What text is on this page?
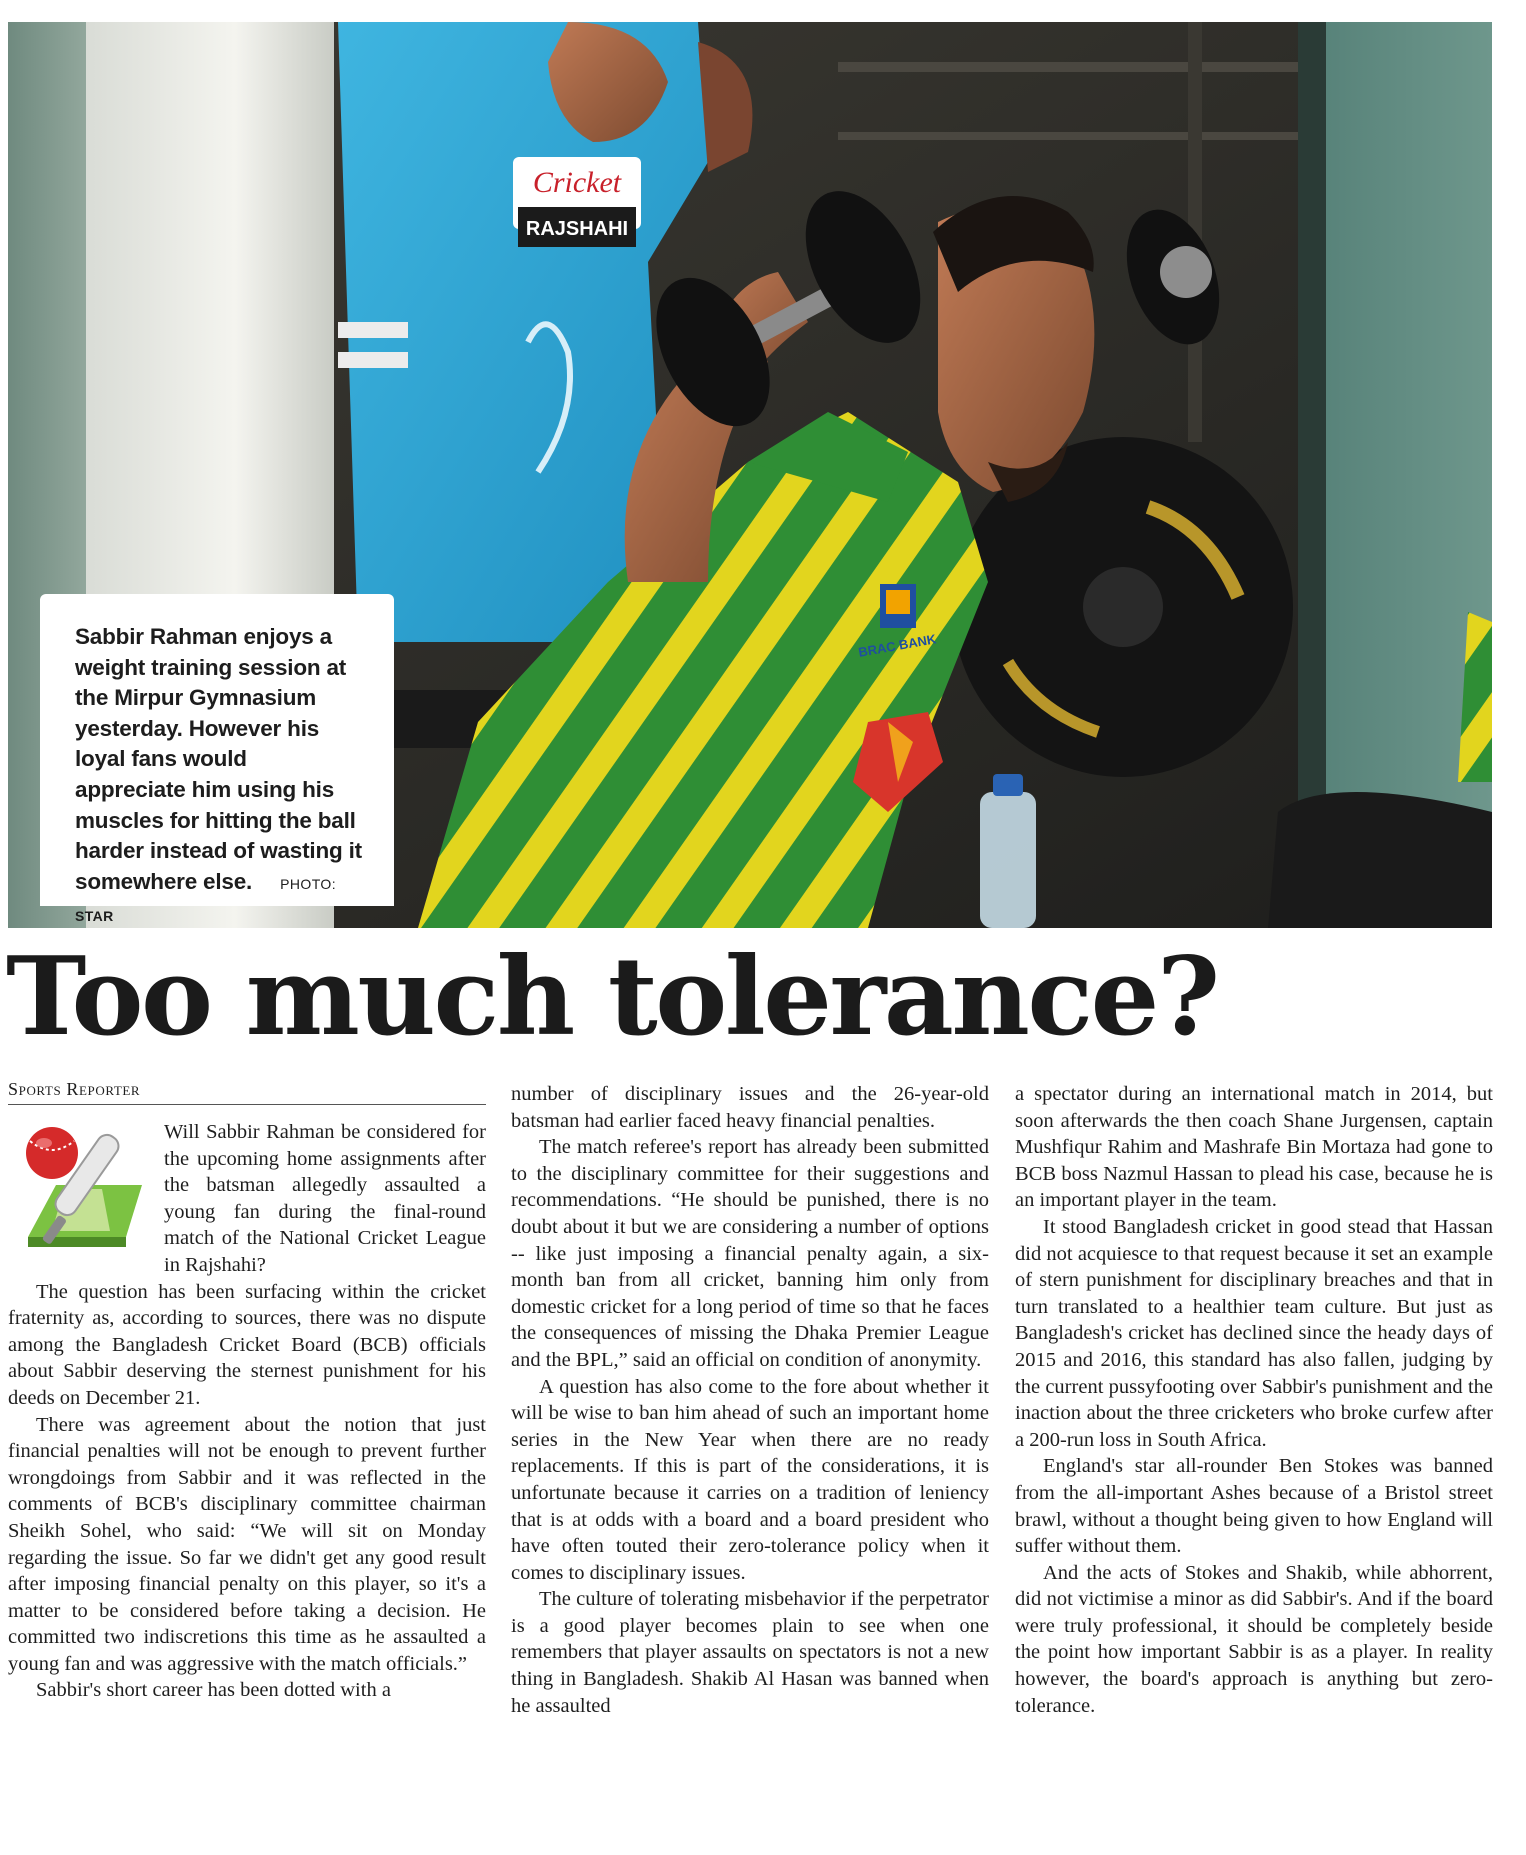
Cricket
RAJSHAHI
BRAC BANK
Sabbir Rahman enjoys a weight training session at the Mirpur Gymnasium yesterday. However his loyal fans would appreciate him using his muscles for hitting the ball harder instead of wasting it somewhere else. PHOTO: STAR
Too much tolerance?
Sports Reporter

Will Sabbir Rahman be considered for the upcoming home assignments after the batsman allegedly assaulted a young fan during the final-round match of the National Cricket League in Rajshahi?

The question has been surfacing within the cricket fraternity as, according to sources, there was no dispute among the Bangladesh Cricket Board (BCB) officials about Sabbir deserving the sternest punishment for his deeds on December 21.

There was agreement about the notion that just financial penalties will not be enough to prevent further wrongdoings from Sabbir and it was reflected in the comments of BCB's disciplinary committee chairman Sheikh Sohel, who said: “We will sit on Monday regarding the issue. So far we didn't get any good result after imposing financial penalty on this player, so it's a matter to be considered before taking a decision. He committed two indiscretions this time as he assaulted a young fan and was aggressive with the match officials.”

Sabbir's short career has been dotted with a

number of disciplinary issues and the 26-year-old batsman had earlier faced heavy financial penalties.

The match referee's report has already been submitted to the disciplinary committee for their suggestions and recommendations. “He should be punished, there is no doubt about it but we are considering a number of options -- like just imposing a financial penalty again, a six-month ban from all cricket, banning him only from domestic cricket for a long period of time so that he faces the consequences of missing the Dhaka Premier League and the BPL,” said an official on condition of anonymity.

A question has also come to the fore about whether it will be wise to ban him ahead of such an important home series in the New Year when there are no ready replacements. If this is part of the considerations, it is unfortunate because it carries on a tradition of leniency that is at odds with a board and a board president who have often touted their zero-tolerance policy when it comes to disciplinary issues.

The culture of tolerating misbehavior if the perpetrator is a good player becomes plain to see when one remembers that player assaults on spectators is not a new thing in Bangladesh. Shakib Al Hasan was banned when he assaulted

a spectator during an international match in 2014, but soon afterwards the then coach Shane Jurgensen, captain Mushfiqur Rahim and Mashrafe Bin Mortaza had gone to BCB boss Nazmul Hassan to plead his case, because he is an important player in the team.

It stood Bangladesh cricket in good stead that Hassan did not acquiesce to that request because it set an example of stern punishment for disciplinary breaches and that in turn translated to a healthier team culture. But just as Bangladesh's cricket has declined since the heady days of 2015 and 2016, this standard has also fallen, judging by the current pussyfooting over Sabbir's punishment and the inaction about the three cricketers who broke curfew after a 200-run loss in South Africa.

England's star all-rounder Ben Stokes was banned from the all-important Ashes because of a Bristol street brawl, without a thought being given to how England will suffer without them.

And the acts of Stokes and Shakib, while abhorrent, did not victimise a minor as did Sabbir's. And if the board were truly professional, it should be completely beside the point how important Sabbir is as a player. In reality however, the board's approach is anything but zero-tolerance.
